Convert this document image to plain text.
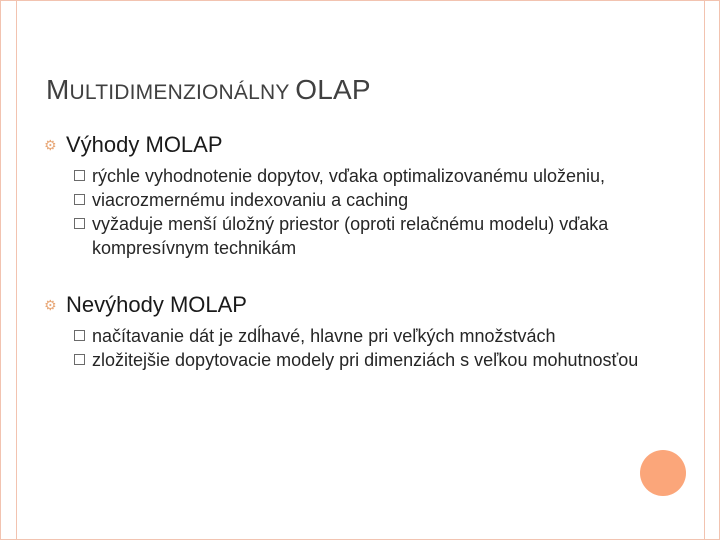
MULTIDIMENZIONÁLNY OLAP
⚙ Výhody MOLAP
rýchle vyhodnotenie dopytov, vďaka optimalizovanému uloženiu,
viacrozmernému indexovaniu a caching
vyžaduje menší úložný priestor (oproti relačnému modelu) vďaka kompresívnym technikám
⚙ Nevýhody MOLAP
načítavanie dát je zdĺhavé, hlavne pri veľkých množstvách
zložitejšie dopytovacie modely pri dimenziách s veľkou mohutnosťou
